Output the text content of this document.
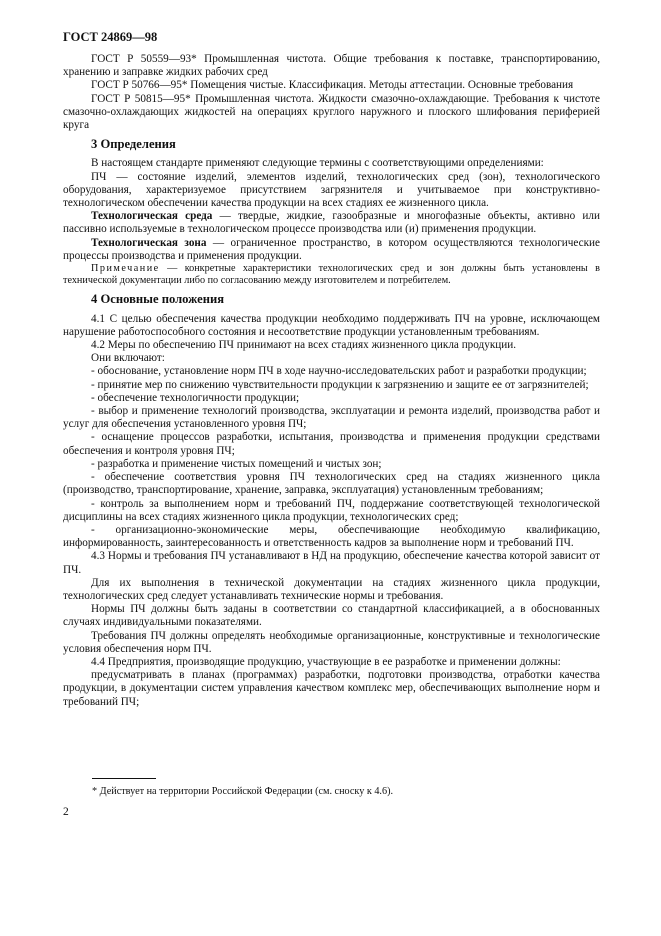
ГОСТ 24869—98

ГОСТ Р 50559—93* Промышленная чистота. Общие требования к поставке, транспортированию, хранению и заправке жидких рабочих сред

ГОСТ Р 50766—95* Помещения чистые. Классификация. Методы аттестации. Основные требования

ГОСТ Р 50815—95* Промышленная чистота. Жидкости смазочно-охлаждающие. Требования к чистоте смазочно-охлаждающих жидкостей на операциях круглого наружного и плоского шлифования периферией круга

3 Определения

В настоящем стандарте применяют следующие термины с соответствующими определениями:

ПЧ — состояние изделий, элементов изделий, технологических сред (зон), технологического оборудования, характеризуемое присутствием загрязнителя и учитываемое при конструктивно-технологическом обеспечении качества продукции на всех стадиях ее жизненного цикла.

Технологическая среда — твердые, жидкие, газообразные и многофазные объекты, активно или пассивно используемые в технологическом процессе производства или (и) применения продукции.

Технологическая зона — ограниченное пространство, в котором осуществляются технологические процессы производства и применения продукции.

Примечание — конкретные характеристики технологических сред и зон должны быть установлены в технической документации либо по согласованию между изготовителем и потребителем.

4 Основные положения

4.1 С целью обеспечения качества продукции необходимо поддерживать ПЧ на уровне, исключающем нарушение работоспособного состояния и несоответствие продукции установленным требованиям.

4.2 Меры по обеспечению ПЧ принимают на всех стадиях жизненного цикла продукции.

Они включают:

- обоснование, установление норм ПЧ в ходе научно-исследовательских работ и разработки продукции;

- принятие мер по снижению чувствительности продукции к загрязнению и защите ее от загрязнителей;

- обеспечение технологичности продукции;

- выбор и применение технологий производства, эксплуатации и ремонта изделий, производства работ и услуг для обеспечения установленного уровня ПЧ;

- оснащение процессов разработки, испытания, производства и применения продукции средствами обеспечения и контроля уровня ПЧ;

- разработка и применение чистых помещений и чистых зон;

- обеспечение соответствия уровня ПЧ технологических сред на стадиях жизненного цикла (производство, транспортирование, хранение, заправка, эксплуатация) установленным требованиям;

- контроль за выполнением норм и требований ПЧ, поддержание соответствующей технологической дисциплины на всех стадиях жизненного цикла продукции, технологических сред;

- организационно-экономические меры, обеспечивающие необходимую квалификацию, информированность, заинтересованность и ответственность кадров за выполнение норм и требований ПЧ.

4.3 Нормы и требования ПЧ устанавливают в НД на продукцию, обеспечение качества которой зависит от ПЧ.

Для их выполнения в технической документации на стадиях жизненного цикла продукции, технологических сред следует устанавливать технические нормы и требования.

Нормы ПЧ должны быть заданы в соответствии со стандартной классификацией, а в обоснованных случаях индивидуальными показателями.

Требования ПЧ должны определять необходимые организационные, конструктивные и технологические условия обеспечения норм ПЧ.

4.4 Предприятия, производящие продукцию, участвующие в ее разработке и применении должны:

предусматривать в планах (программах) разработки, подготовки производства, отработки качества продукции, в документации систем управления качеством комплекс мер, обеспечивающих выполнение норм и требований ПЧ;

* Действует на территории Российской Федерации (см. сноску к 4.6).
2
